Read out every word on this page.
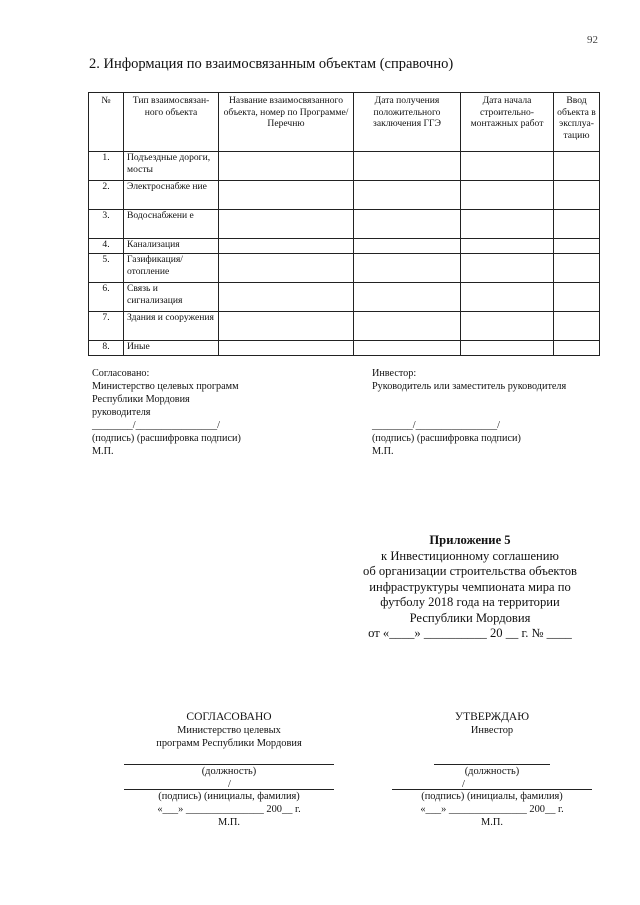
92
2. Информация по взаимосвязанным объектам (справочно)
№	Тип взаимосвязан-ного объекта	Название взаимосвязанного объекта, номер по Программе/Перечню	Дата получения положительного заключения ГГЭ	Дата начала строительно-монтажных работ	Ввод объекта в эксплуа-тацию
1.	Подъездные дороги, мосты				
2.	Электроснабже ние				
3.	Водоснабжени е				
4.	Канализация				
5.	Газификация/ отопление				
6.	Связь и сигнализация				
7.	Здания и сооружения				
8.	Иные				
Согласовано:
Министерство целевых программ
Республики Мордовия
руководителя
________/________________/
(подпись) (расшифровка подписи)
М.П.
Инвестор:
Руководитель или заместитель руководителя
________/________________/
(подпись) (расшифровка подписи)
М.П.
Приложение 5
к Инвестиционному соглашению
об организации строительства объектов
инфраструктуры чемпионата мира по
футболу 2018 года на территории
Республики Мордовия
от «____» __________ 20 __ г. № ____
СОГЛАСОВАНО
Министерство целевых
программ Республики Мордовия
(должность)
/
(подпись) (инициалы, фамилия)
«___» _______________ 200__ г.
М.П.
УТВЕРЖДАЮ
Инвестор
(должность)
/
(подпись) (инициалы, фамилия)
«___» _______________ 200__ г.
М.П.
